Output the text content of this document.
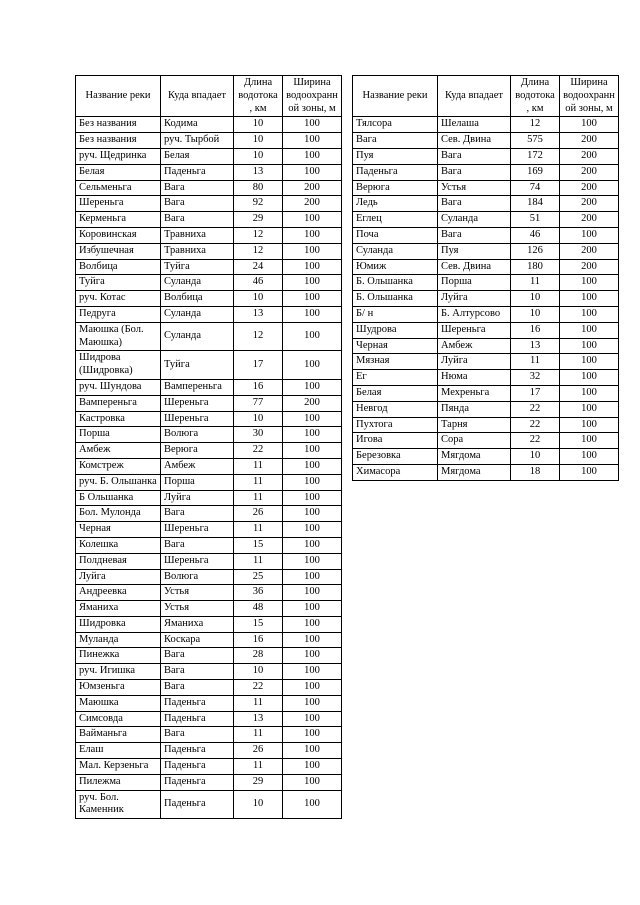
Название реки	Куда впадает	Длина водотока, км	Ширина водоохранной зоны, м
Без названия	Кодима	10	100
Без названия	руч. Тырбой	10	100
руч. Щедринка	Белая	10	100
Белая	Паденьга	13	100
Сельменьга	Вага	80	200
Шереньга	Вага	92	200
Керменьга	Вага	29	100
Коровинская	Травниха	12	100
Избушечная	Травниха	12	100
Волбица	Туйга	24	100
Туйга	Суланда	46	100
руч. Котас	Волбица	10	100
Педруга	Суланда	13	100
Маюшка (Бол. Маюшка)	Суланда	12	100
Шидрова (Шидровка)	Туйга	17	100
руч. Шундова	Вампереньга	16	100
Вампереньга	Шереньга	77	200
Кастровка	Шереньга	10	100
Порша	Волюга	30	100
Амбеж	Верюга	22	100
Комстреж	Амбеж	11	100
руч. Б. Ольшанка	Порша	11	100
Б Ольшанка	Луйга	11	100
Бол. Мулонда	Вага	26	100
Черная	Шереньга	11	100
Колешка	Вага	15	100
Полдневая	Шереньга	11	100
Луйга	Волюга	25	100
Андреевка	Устья	36	100
Яманиха	Устья	48	100
Шидровка	Яманиха	15	100
Муланда	Коскара	16	100
Пинежка	Вага	28	100
руч. Игишка	Вага	10	100
Юмзеньга	Вага	22	100
Маюшка	Паденьга	11	100
Симсовда	Паденьга	13	100
Вайманьга	Вага	11	100
Елаш	Паденьга	26	100
Мал. Керзеньга	Паденьга	11	100
Пилежма	Паденьга	29	100
руч. Бол. Каменник	Паденьга	10	100
Название реки	Куда впадает	Длина водотока, км	Ширина водоохранной зоны, м
Тялсора	Шелаша	12	100
Вага	Сев. Двина	575	200
Пуя	Вага	172	200
Паденьга	Вага	169	200
Верюга	Устья	74	200
Ледь	Вага	184	200
Еглец	Суланда	51	200
Поча	Вага	46	100
Суланда	Пуя	126	200
Юмиж	Сев. Двина	180	200
Б. Ольшанка	Порша	11	100
Б. Ольшанка	Луйга	10	100
Б/ н	Б. Алтурсово	10	100
Шудрова	Шереньга	16	100
Черная	Амбеж	13	100
Мязная	Луйга	11	100
Ег	Нюма	32	100
Белая	Мехреньга	17	100
Невгод	Пянда	22	100
Пухтога	Тарня	22	100
Игова	Сора	22	100
Березовка	Мягдома	10	100
Химасора	Мягдома	18	100
